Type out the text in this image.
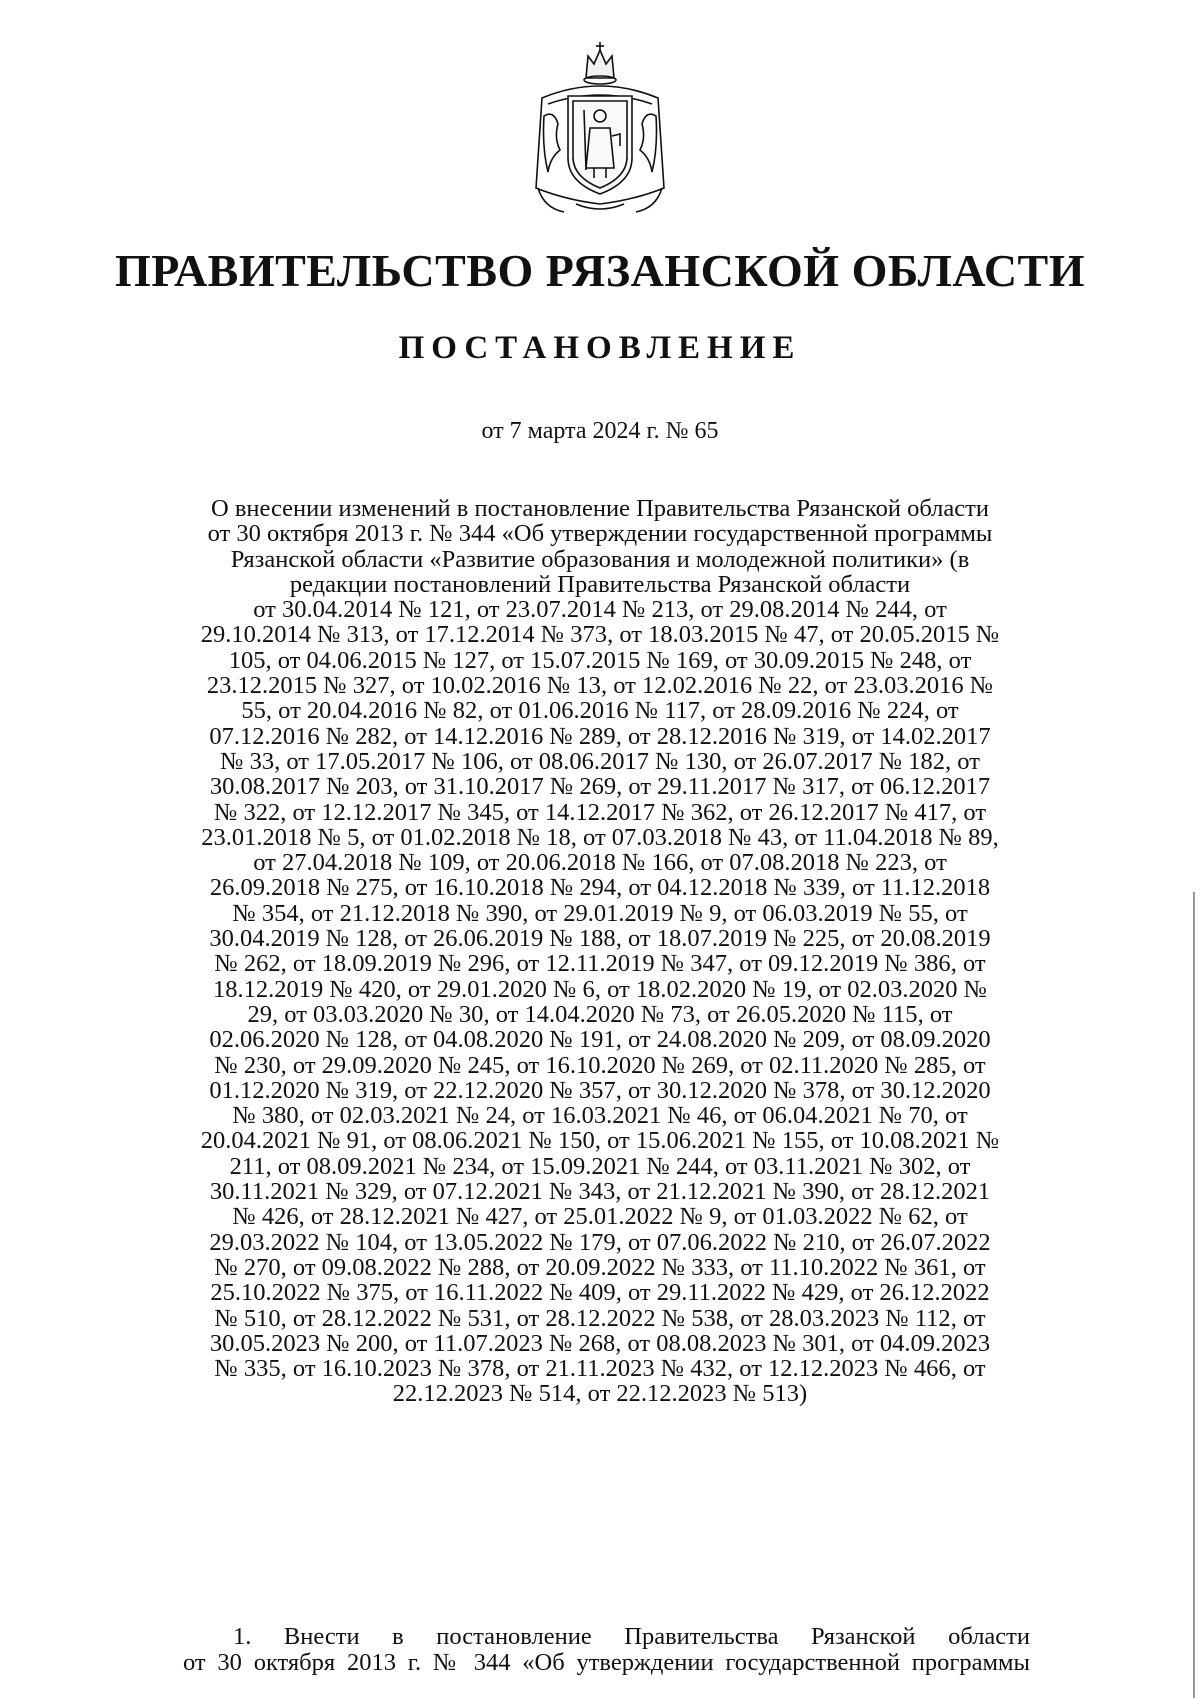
ПРАВИТЕЛЬСТВО РЯЗАНСКОЙ ОБЛАСТИ
ПОСТАНОВЛЕНИЕ

от 7 марта 2024 г. № 65

О внесении изменений в постановление Правительства Рязанской области от 30 октября 2013 г. № 344 «Об утверждении государственной программы Рязанской области «Развитие образования и молодежной политики» (в редакции постановлений Правительства Рязанской области

от 30.04.2014 № 121, от 23.07.2014 № 213, от 29.08.2014 № 244, от 29.10.2014 № 313, от 17.12.2014 № 373, от 18.03.2015 № 47, от 20.05.2015 № 105, от 04.06.2015 № 127, от 15.07.2015 № 169, от 30.09.2015 № 248, от 23.12.2015 № 327, от 10.02.2016 № 13, от 12.02.2016 № 22, от 23.03.2016 № 55, от 20.04.2016 № 82, от 01.06.2016 № 117, от 28.09.2016 № 224, от 07.12.2016 № 282, от 14.12.2016 № 289, от 28.12.2016 № 319, от 14.02.2017 № 33, от 17.05.2017 № 106, от 08.06.2017 № 130, от 26.07.2017 № 182, от 30.08.2017 № 203, от 31.10.2017 № 269, от 29.11.2017 № 317, от 06.12.2017 № 322, от 12.12.2017 № 345, от 14.12.2017 № 362, от 26.12.2017 № 417, от 23.01.2018 № 5, от 01.02.2018 № 18, от 07.03.2018 № 43, от 11.04.2018 № 89, от 27.04.2018 № 109, от 20.06.2018 № 166, от 07.08.2018 № 223, от 26.09.2018 № 275, от 16.10.2018 № 294, от 04.12.2018 № 339, от 11.12.2018 № 354, от 21.12.2018 № 390, от 29.01.2019 № 9, от 06.03.2019 № 55, от 30.04.2019 № 128, от 26.06.2019 № 188, от 18.07.2019 № 225, от 20.08.2019 № 262, от 18.09.2019 № 296, от 12.11.2019 № 347, от 09.12.2019 № 386, от 18.12.2019 № 420, от 29.01.2020 № 6, от 18.02.2020 № 19, от 02.03.2020 № 29, от 03.03.2020 № 30, от 14.04.2020 № 73, от 26.05.2020 № 115, от 02.06.2020 № 128, от 04.08.2020 № 191, от 24.08.2020 № 209, от 08.09.2020 № 230, от 29.09.2020 № 245, от 16.10.2020 № 269, от 02.11.2020 № 285, от 01.12.2020 № 319, от 22.12.2020 № 357, от 30.12.2020 № 378, от 30.12.2020 № 380, от 02.03.2021 № 24, от 16.03.2021 № 46, от 06.04.2021 № 70, от 20.04.2021 № 91, от 08.06.2021 № 150, от 15.06.2021 № 155, от 10.08.2021 № 211, от 08.09.2021 № 234, от 15.09.2021 № 244, от 03.11.2021 № 302, от 30.11.2021 № 329, от 07.12.2021 № 343, от 21.12.2021 № 390, от 28.12.2021 № 426, от 28.12.2021 № 427, от 25.01.2022 № 9, от 01.03.2022 № 62, от 29.03.2022 № 104, от 13.05.2022 № 179, от 07.06.2022 № 210, от 26.07.2022 № 270, от 09.08.2022 № 288, от 20.09.2022 № 333, от 11.10.2022 № 361, от 25.10.2022 № 375, от 16.11.2022 № 409, от 29.11.2022 № 429, от 26.12.2022 № 510, от 28.12.2022 № 531, от 28.12.2022 № 538, от 28.03.2023 № 112, от 30.05.2023 № 200, от 11.07.2023 № 268, от 08.08.2023 № 301, от 04.09.2023 № 335, от 16.10.2023 № 378, от 21.11.2023 № 432, от 12.12.2023 № 466, от 22.12.2023 № 514, от 22.12.2023 № 513)

1. Внести в постановление Правительства Рязанской области
от 30 октября 2013 г. № 344 «Об утверждении государственной программы
